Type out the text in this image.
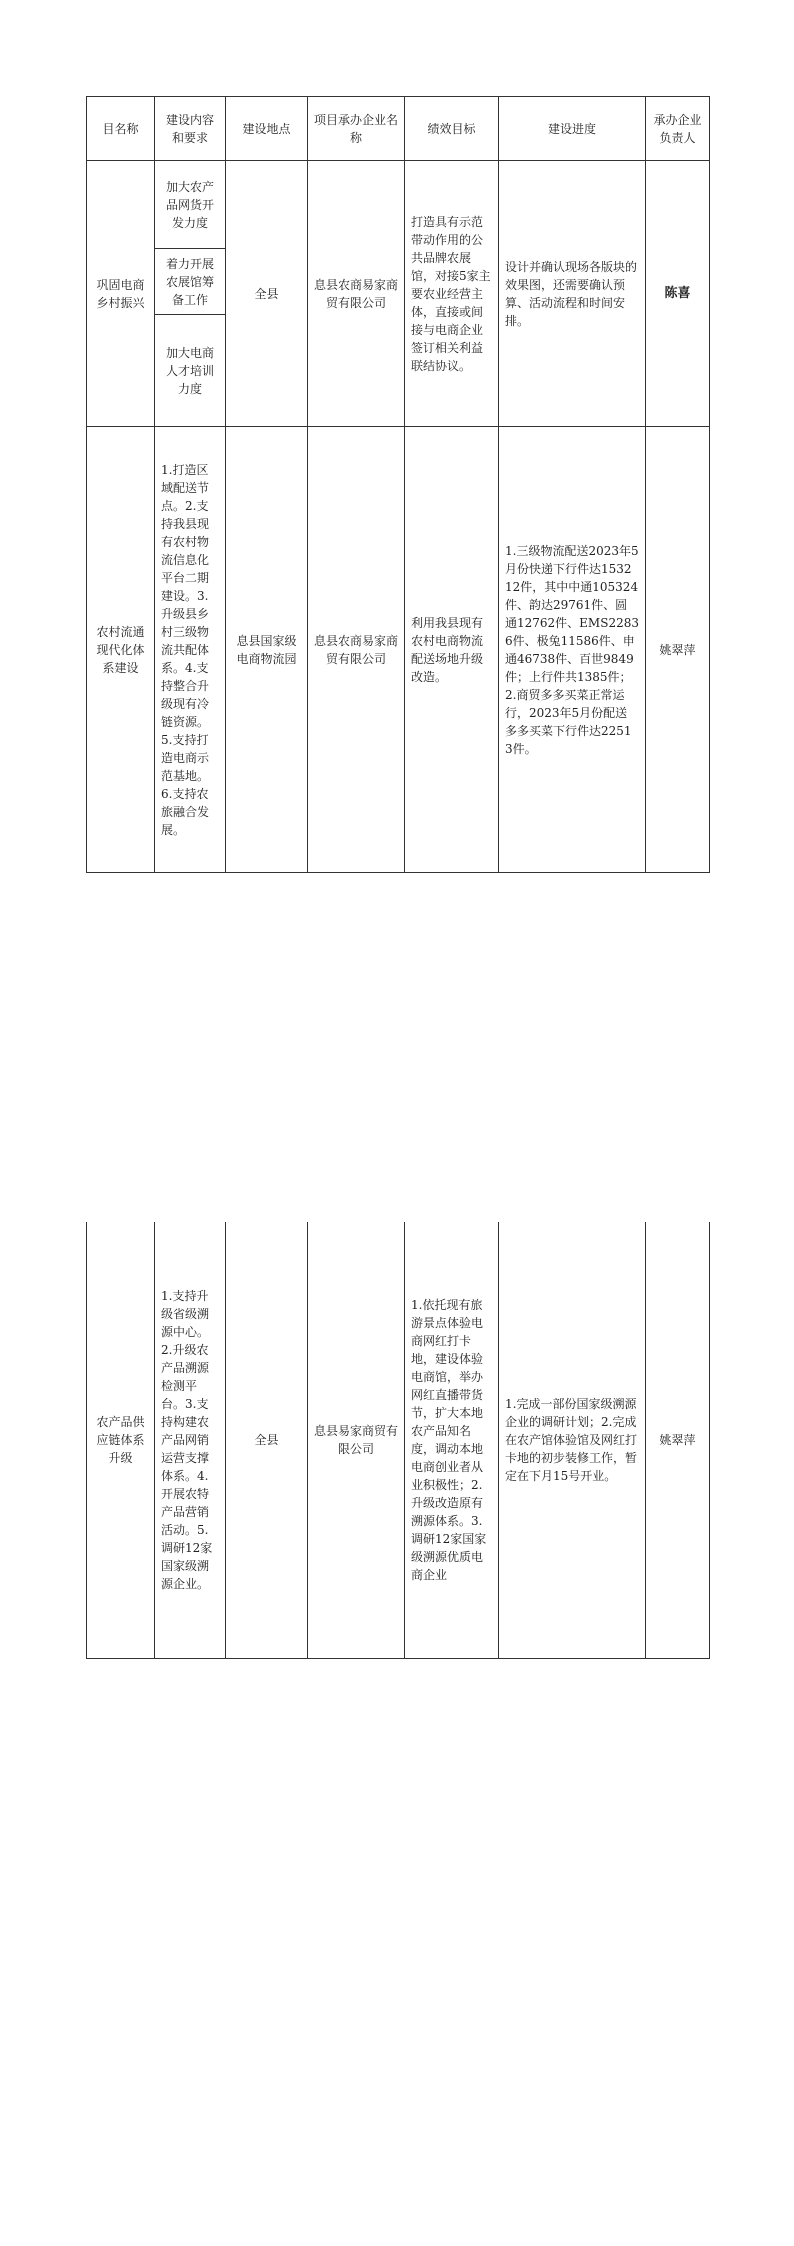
目名称	建设内容和要求	建设地点	项目承办企业名称	绩效目标	建设进度	承办企业负责人
巩固电商乡村振兴	加大农产品网货开发力度	全县	息县农商易家商贸有限公司	打造具有示范带动作用的公共品牌农展馆，对接5家主要农业经营主体，直接或间接与电商企业签订相关利益联结协议。	设计并确认现场各版块的效果图，还需要确认预算、活动流程和时间安排。	陈喜
	着力开展农展馆筹备工作					
	加大电商人才培训力度					
农村流通现代化体系建设	1.打造区域配送节点。2.支持我县现有农村物流信息化平台二期建设。3.升级县乡村三级物流共配体系。4.支持整合升级现有冷链资源。5.支持打造电商示范基地。6.支持农旅融合发展。	息县国家级电商物流园	息县农商易家商贸有限公司	利用我县现有农村电商物流配送场地升级改造。	1.三级物流配送2023年5月份快递下行件达153212件，其中中通105324件、韵达29761件、圆通12762件、EMS22836件、极兔11586件、申通46738件、百世9849件；上行件共1385件；2.商贸多多买菜正常运行，2023年5月份配送多多买菜下行件达22513件。	姚翠萍
农产品供应链体系升级	1.支持升级省级溯源中心。2.升级农产品溯源检测平台。3.支持构建农产品网销运营支撑体系。4.开展农特产品营销活动。5.调研12家国家级溯源企业。	全县	息县易家商贸有限公司	1.依托现有旅游景点体验电商网红打卡地，建设体验电商馆，举办网红直播带货节，扩大本地农产品知名度，调动本地电商创业者从业积极性；2.升级改造原有溯源体系。3.调研12家国家级溯源优质电商企业	1.完成一部份国家级溯源企业的调研计划；2.完成在农产馆体验馆及网红打卡地的初步装修工作，暂定在下月15号开业。	姚翠萍
